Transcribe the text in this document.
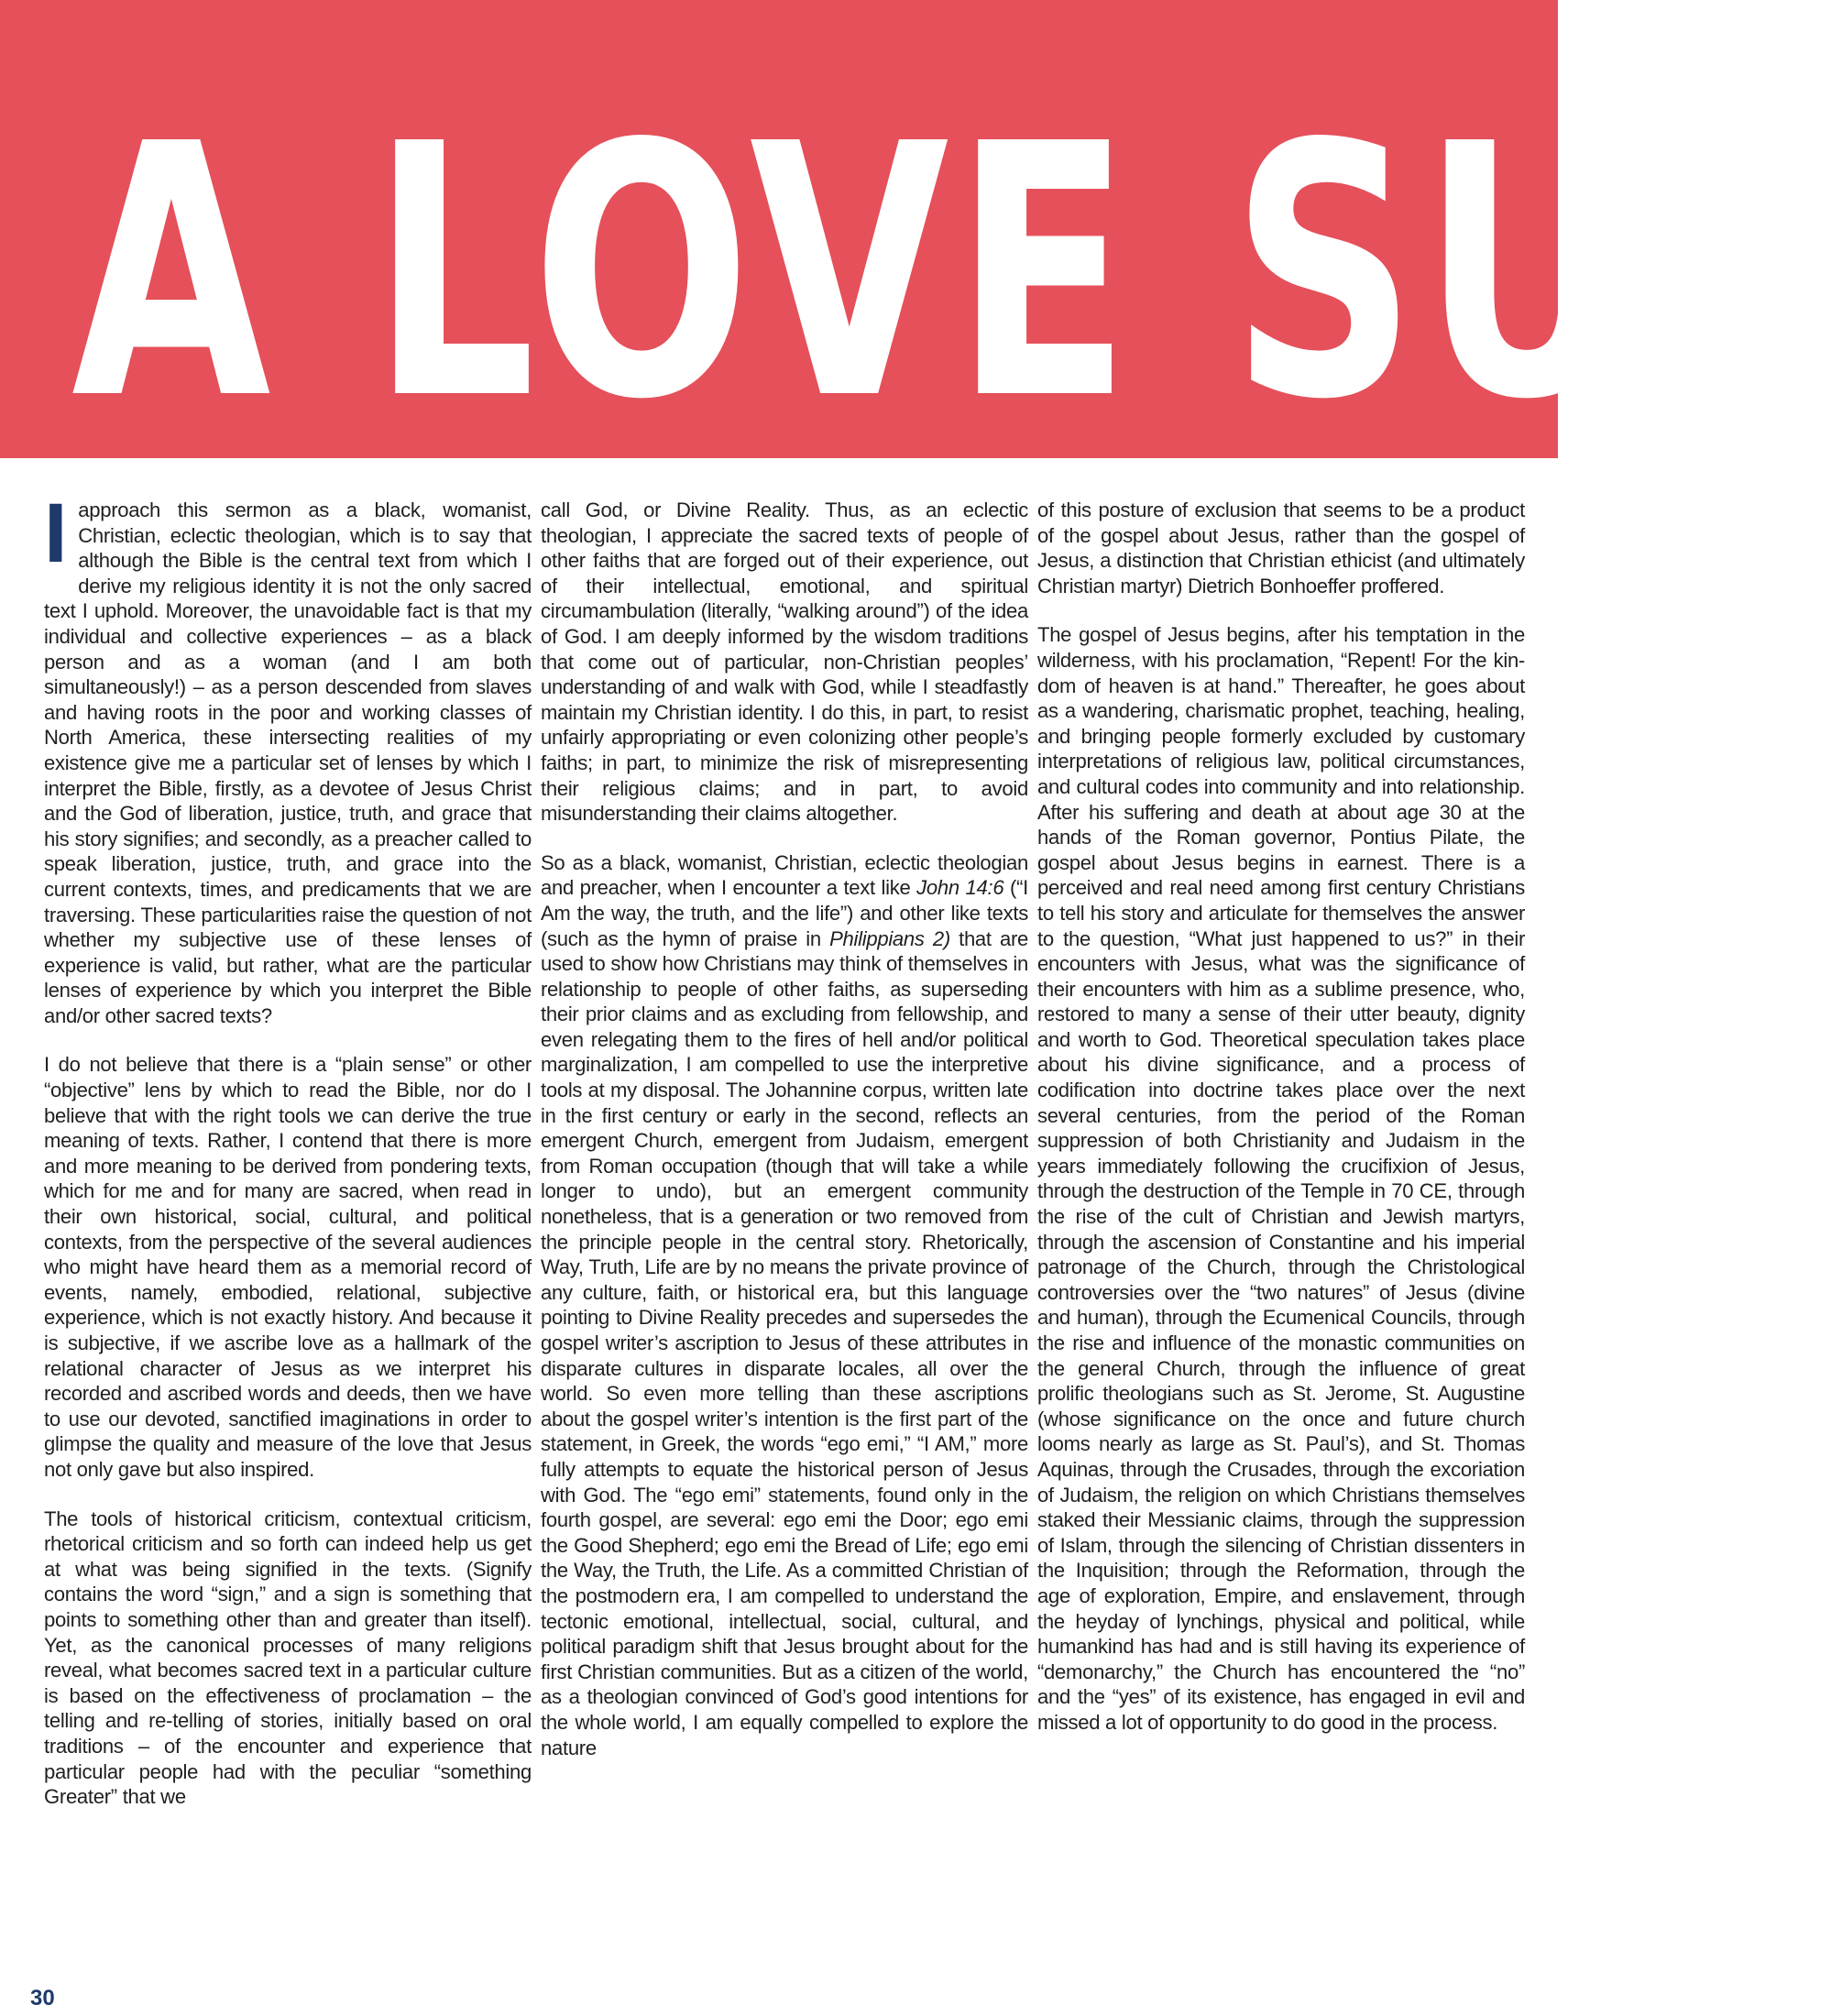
A LOVE SUP

Iapproach this sermon as a black, womanist, Christian, eclectic theologian, which is to say that although the Bible is the central text from which I derive my religious identity it is not the only sacred text I uphold. Moreover, the unavoidable fact is that my individual and collective experiences – as a black person and as a woman (and I am both simultaneously!) – as a person descended from slaves and having roots in the poor and working classes of North America, these intersecting realities of my existence give me a particular set of lenses by which I interpret the Bible, firstly, as a devotee of Jesus Christ and the God of liberation, justice, truth, and grace that his story signifies; and secondly, as a preacher called to speak liberation, justice, truth, and grace into the current contexts, times, and predicaments that we are traversing. These particularities raise the question of not whether my subjective use of these lenses of experience is valid, but rather, what are the particular lenses of experience by which you interpret the Bible and/or other sacred texts?

I do not believe that there is a “plain sense” or other “objective” lens by which to read the Bible, nor do I believe that with the right tools we can derive the true meaning of texts. Rather, I contend that there is more and more meaning to be derived from pondering texts, which for me and for many are sacred, when read in their own historical, social, cultural, and political contexts, from the perspective of the several audiences who might have heard them as a memorial record of events, namely, embodied, relational, subjective experience, which is not exactly history. And because it is subjective, if we ascribe love as a hallmark of the relational character of Jesus as we interpret his recorded and ascribed words and deeds, then we have to use our devoted, sanctified imaginations in order to glimpse the quality and measure of the love that Jesus not only gave but also inspired.

The tools of historical criticism, contextual criticism, rhetorical criticism and so forth can indeed help us get at what was being signified in the texts. (Signify contains the word “sign,” and a sign is something that points to something other than and greater than itself). Yet, as the canonical processes of many religions reveal, what becomes sacred text in a particular culture is based on the effectiveness of proclamation – the telling and re-telling of stories, initially based on oral traditions – of the encounter and experience that particular people had with the peculiar “something Greater” that we

call God, or Divine Reality. Thus, as an eclectic theologian, I appreciate the sacred texts of people of other faiths that are forged out of their experience, out of their intellectual, emotional, and spiritual circumambulation (literally, “walking around”) of the idea of God. I am deeply informed by the wisdom traditions that come out of particular, non-Christian peoples’ understanding of and walk with God, while I steadfastly maintain my Christian identity. I do this, in part, to resist unfairly appropriating or even colonizing other people’s faiths; in part, to minimize the risk of misrepresenting their religious claims; and in part, to avoid misunderstanding their claims altogether.

So as a black, womanist, Christian, eclectic theologian and preacher, when I encounter a text like John 14:6 (“I Am the way, the truth, and the life”) and other like texts (such as the hymn of praise in Philippians 2) that are used to show how Christians may think of themselves in relationship to people of other faiths, as superseding their prior claims and as excluding from fellowship, and even relegating them to the fires of hell and/or political marginalization, I am compelled to use the interpretive tools at my disposal. The Johannine corpus, written late in the first century or early in the second, reflects an emergent Church, emergent from Judaism, emergent from Roman occupation (though that will take a while longer to undo), but an emergent community nonetheless, that is a generation or two removed from the principle people in the central story. Rhetorically, Way, Truth, Life are by no means the private province of any culture, faith, or historical era, but this language pointing to Divine Reality precedes and supersedes the gospel writer’s ascription to Jesus of these attributes in disparate cultures in disparate locales, all over the world. So even more telling than these ascriptions about the gospel writer’s intention is the first part of the statement, in Greek, the words “ego emi,” “I AM,” more fully attempts to equate the historical person of Jesus with God. The “ego emi” statements, found only in the fourth gospel, are several: ego emi the Door; ego emi the Good Shepherd; ego emi the Bread of Life; ego emi the Way, the Truth, the Life. As a committed Christian of the postmodern era, I am compelled to understand the tectonic emotional, intellectual, social, cultural, and political paradigm shift that Jesus brought about for the first Christian communities. But as a citizen of the world, as a theologian convinced of God’s good intentions for the whole world, I am equally compelled to explore the nature

of this posture of exclusion that seems to be a product of the gospel about Jesus, rather than the gospel of Jesus, a distinction that Christian ethicist (and ultimately Christian martyr) Dietrich Bonhoeffer proffered.

The gospel of Jesus begins, after his temptation in the wilderness, with his proclamation, “Repent! For the kin-dom of heaven is at hand.” Thereafter, he goes about as a wandering, charismatic prophet, teaching, healing, and bringing people formerly excluded by customary interpretations of religious law, political circumstances, and cultural codes into community and into relationship. After his suffering and death at about age 30 at the hands of the Roman governor, Pontius Pilate, the gospel about Jesus begins in earnest. There is a perceived and real need among first century Christians to tell his story and articulate for themselves the answer to the question, “What just happened to us?” in their encounters with Jesus, what was the significance of their encounters with him as a sublime presence, who, restored to many a sense of their utter beauty, dignity and worth to God. Theoretical speculation takes place about his divine significance, and a process of codification into doctrine takes place over the next several centuries, from the period of the Roman suppression of both Christianity and Judaism in the years immediately following the crucifixion of Jesus, through the destruction of the Temple in 70 CE, through the rise of the cult of Christian and Jewish martyrs, through the ascension of Constantine and his imperial patronage of the Church, through the Christological controversies over the “two natures” of Jesus (divine and human), through the Ecumenical Councils, through the rise and influence of the monastic communities on the general Church, through the influence of great prolific theologians such as St. Jerome, St. Augustine (whose significance on the once and future church looms nearly as large as St. Paul’s), and St. Thomas Aquinas, through the Crusades, through the excoriation of Judaism, the religion on which Christians themselves staked their Messianic claims, through the suppression of Islam, through the silencing of Christian dissenters in the Inquisition; through the Reformation, through the age of exploration, Empire, and enslavement, through the heyday of lynchings, physical and political, while humankind has had and is still having its experience of “demonarchy,” the Church has encountered the “no” and the “yes” of its existence, has engaged in evil and missed a lot of opportunity to do good in the process.

30
